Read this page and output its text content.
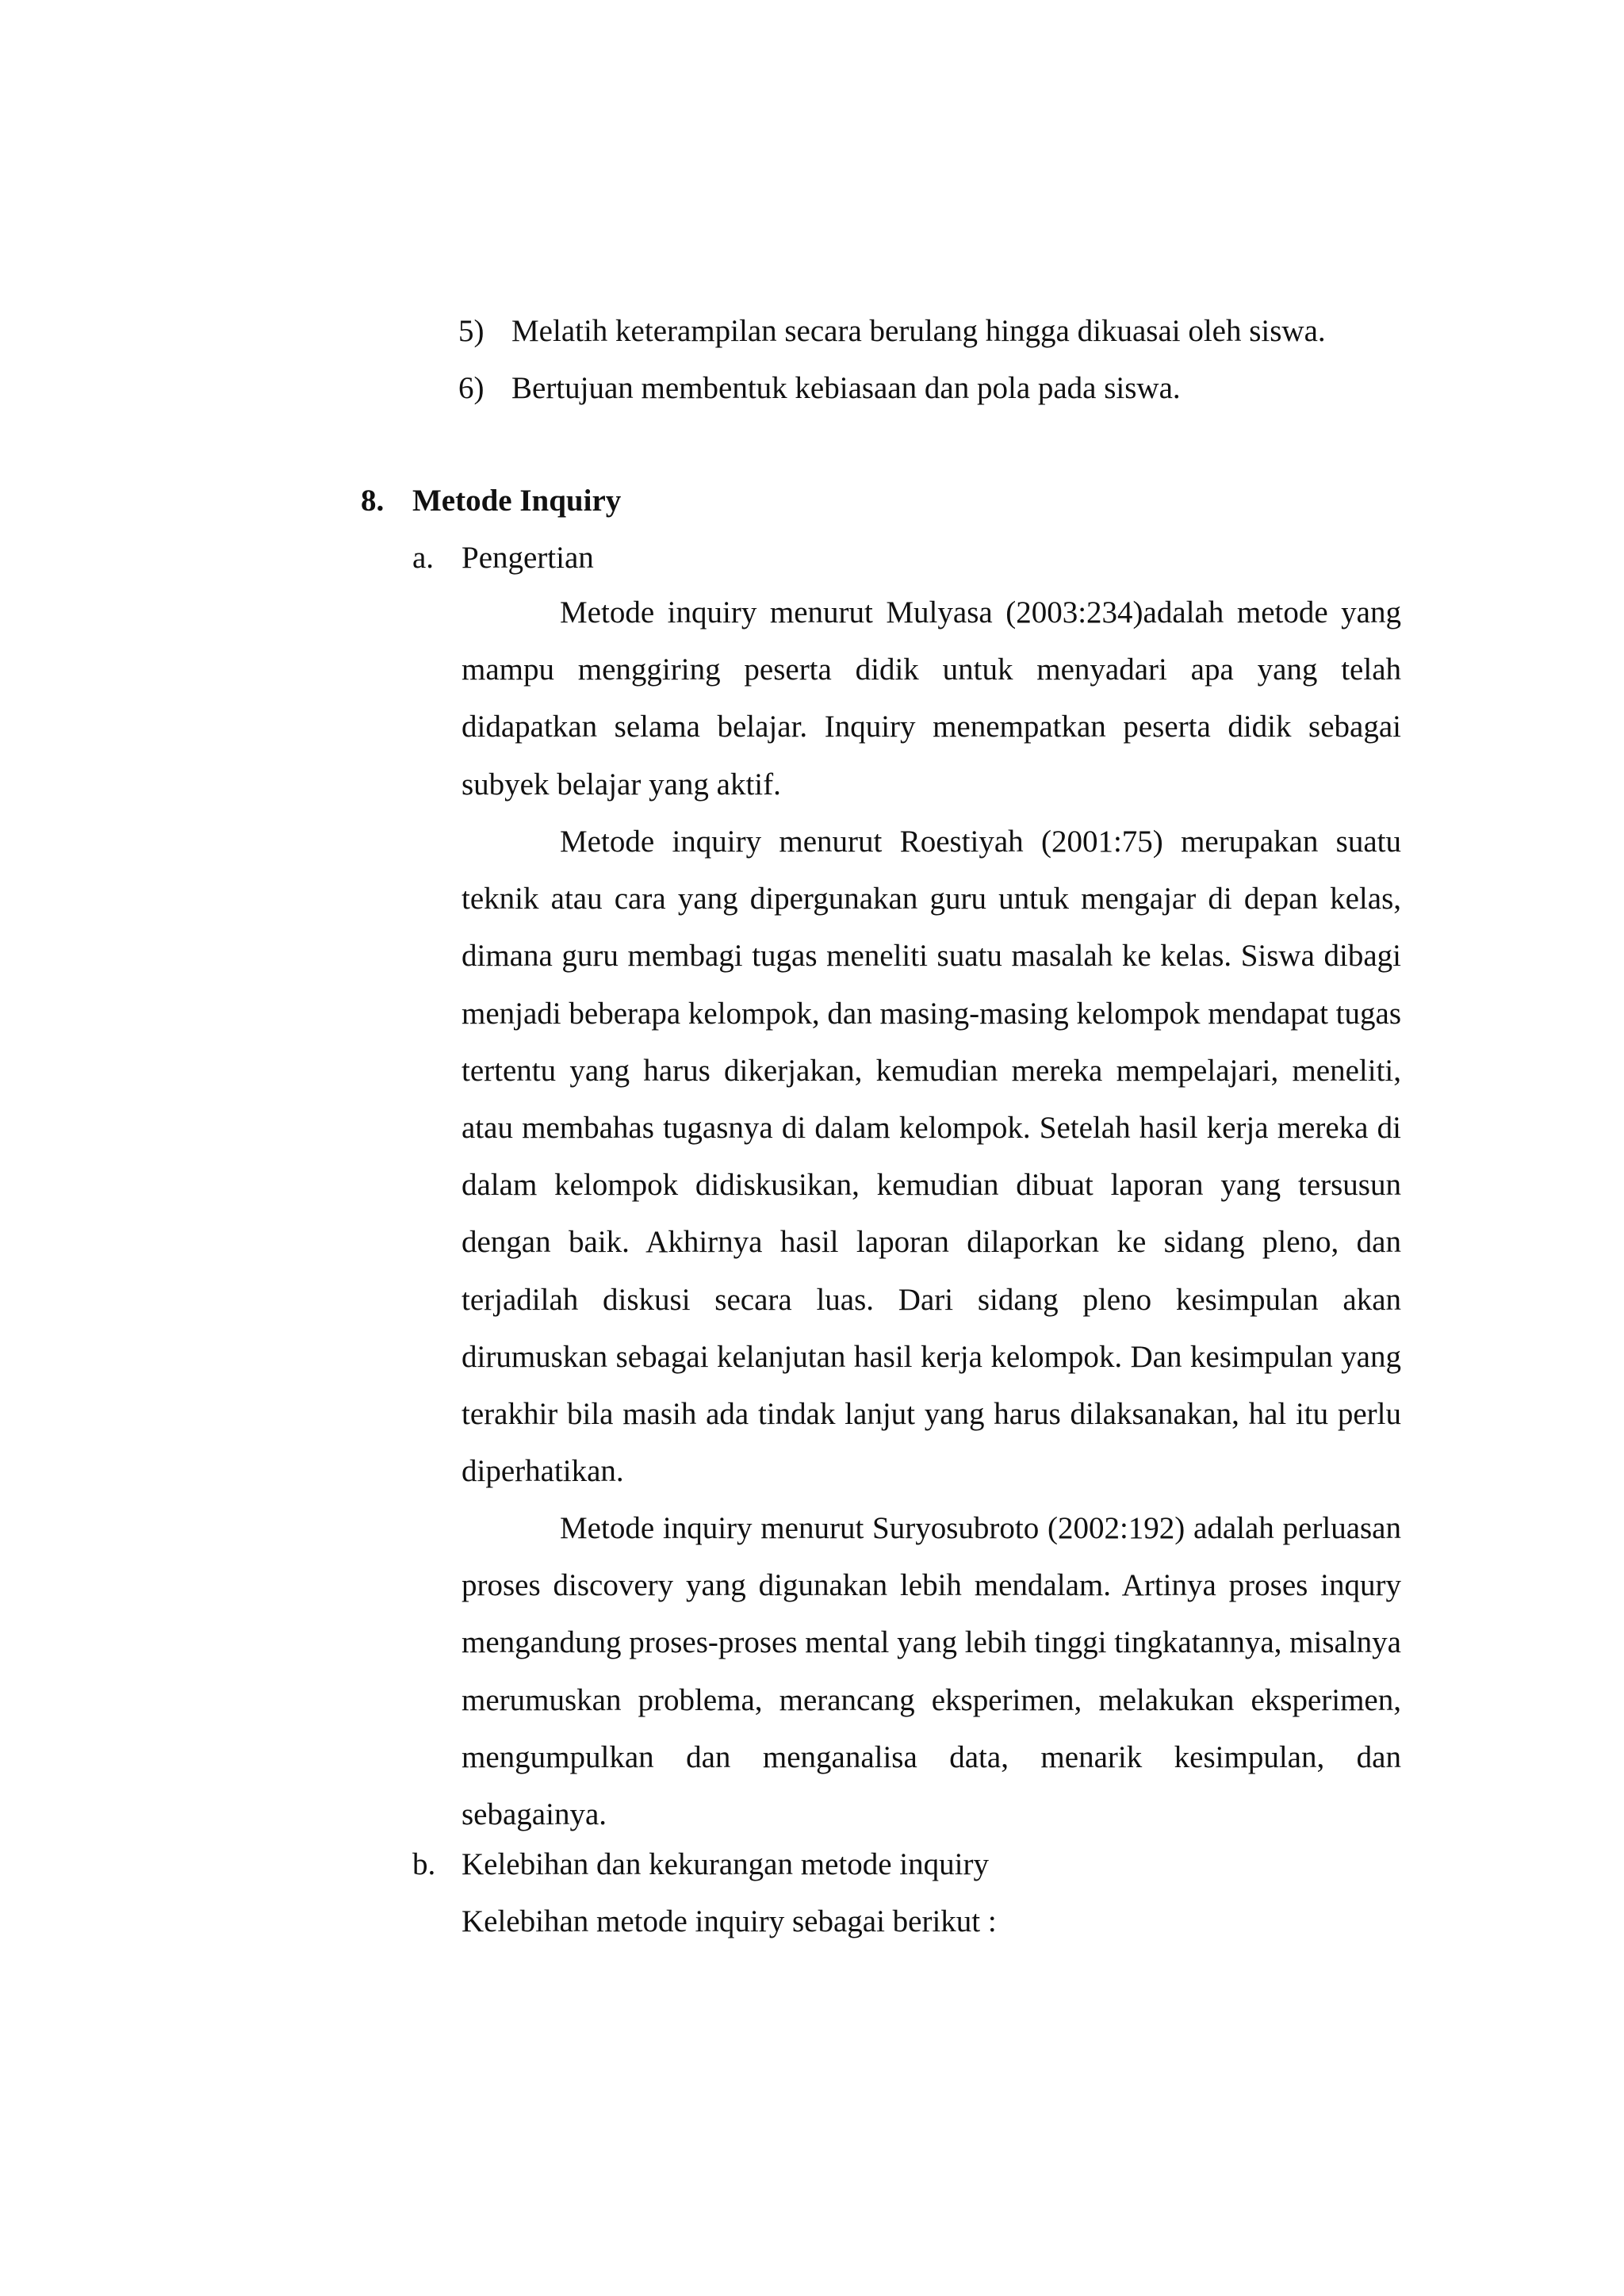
5) Melatih keterampilan secara berulang hingga dikuasai oleh siswa.
6) Bertujuan membentuk kebiasaan dan pola pada siswa.
8. Metode Inquiry
a. Pengertian
Metode inquiry menurut Mulyasa (2003:234)adalah metode yang mampu menggiring peserta didik untuk menyadari apa yang telah didapatkan selama belajar. Inquiry menempatkan peserta didik sebagai subyek belajar yang aktif.
Metode inquiry menurut Roestiyah (2001:75) merupakan suatu teknik atau cara yang dipergunakan guru untuk mengajar di depan kelas, dimana guru membagi tugas meneliti suatu masalah ke kelas. Siswa dibagi menjadi beberapa kelompok, dan masing-masing kelompok mendapat tugas tertentu yang harus dikerjakan, kemudian mereka mempelajari, meneliti, atau membahas tugasnya di dalam kelompok. Setelah hasil kerja mereka di dalam kelompok didiskusikan, kemudian dibuat laporan yang tersusun dengan baik. Akhirnya hasil laporan dilaporkan ke sidang pleno, dan terjadilah diskusi secara luas. Dari sidang pleno kesimpulan akan dirumuskan sebagai kelanjutan hasil kerja kelompok. Dan kesimpulan yang terakhir bila masih ada tindak lanjut yang harus dilaksanakan, hal itu perlu diperhatikan.
Metode inquiry menurut Suryosubroto (2002:192) adalah perluasan proses discovery yang digunakan lebih mendalam. Artinya proses inqury mengandung proses-proses mental yang lebih tinggi tingkatannya, misalnya merumuskan problema, merancang eksperimen, melakukan eksperimen, mengumpulkan dan menganalisa data, menarik kesimpulan, dan sebagainya.
b. Kelebihan dan kekurangan metode inquiry
Kelebihan metode inquiry sebagai berikut :
